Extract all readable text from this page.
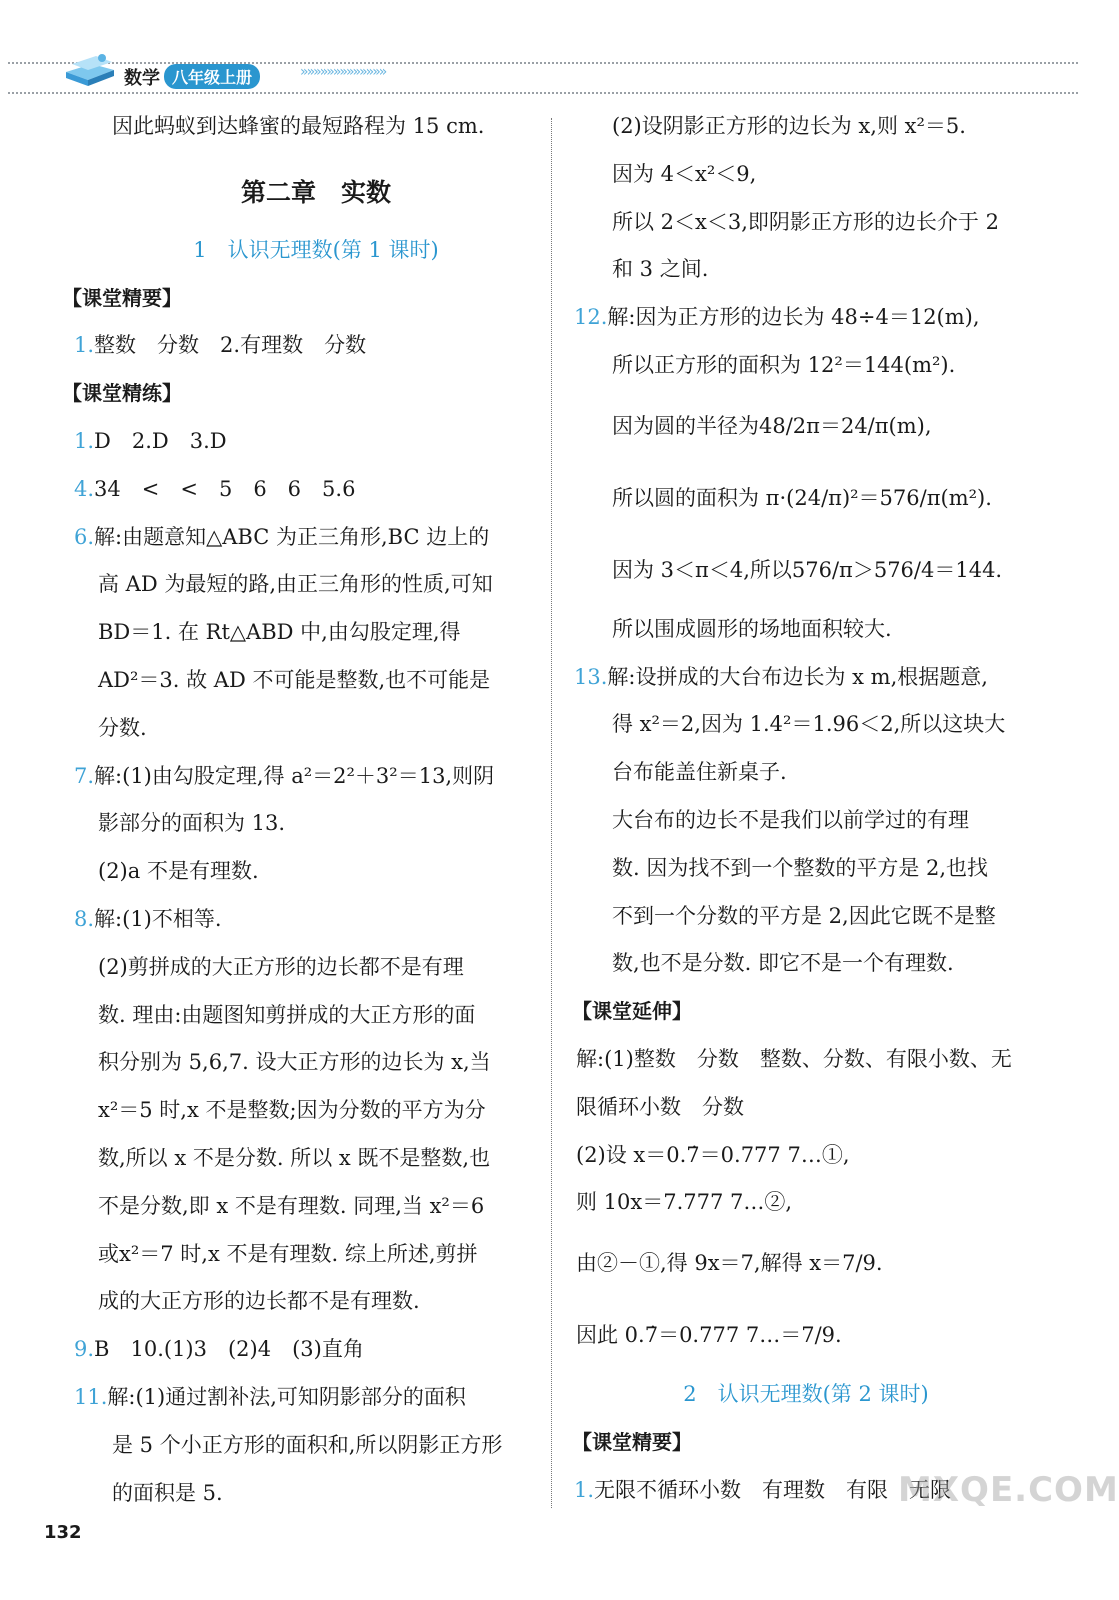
数学 八年级上册	»»»»»»»»»»»»»
因此蚂蚁到达蜂蜜的最短路程为 15 cm.
第二章　实数
1　认识无理数(第 1 课时)
【课堂精要】
1.整数　分数　2.有理数　分数
【课堂精练】
1.D　2.D　3.D
4.34　<　<　5　6　6　5.6
6.解:由题意知△ABC 为正三角形,BC 边上的
高 AD 为最短的路,由正三角形的性质,可知
BD＝1. 在 Rt△ABD 中,由勾股定理,得
AD²＝3. 故 AD 不可能是整数,也不可能是
分数.
7.解:(1)由勾股定理,得 a²＝2²＋3²＝13,则阴
影部分的面积为 13.
(2)a 不是有理数.
8.解:(1)不相等.
(2)剪拼成的大正方形的边长都不是有理
数. 理由:由题图知剪拼成的大正方形的面
积分别为 5,6,7. 设大正方形的边长为 x,当
x²＝5 时,x 不是整数;因为分数的平方为分
数,所以 x 不是分数. 所以 x 既不是整数,也
不是分数,即 x 不是有理数. 同理,当 x²＝6
或x²＝7 时,x 不是有理数. 综上所述,剪拼
成的大正方形的边长都不是有理数.
9.B　10.(1)3　(2)4　(3)直角
11.解:(1)通过割补法,可知阴影部分的面积
是 5 个小正方形的面积和,所以阴影正方形
的面积是 5.
(2)设阴影正方形的边长为 x,则 x²＝5.
因为 4＜x²＜9,
所以 2＜x＜3,即阴影正方形的边长介于 2
和 3 之间.
12.解:因为正方形的边长为 48÷4＝12(m),
所以正方形的面积为 12²＝144(m²).
因为圆的半径为48/2π＝24/π(m),
所以圆的面积为 π·(24/π)²＝576/π(m²).
因为 3＜π＜4,所以576/π＞576/4＝144.
所以围成圆形的场地面积较大.
13.解:设拼成的大台布边长为 x m,根据题意,
得 x²＝2,因为 1.4²＝1.96＜2,所以这块大
台布能盖住新桌子.
大台布的边长不是我们以前学过的有理
数. 因为找不到一个整数的平方是 2,也找
不到一个分数的平方是 2,因此它既不是整
数,也不是分数. 即它不是一个有理数.
【课堂延伸】
解:(1)整数　分数　整数、分数、有限小数、无
限循环小数　分数
(2)设 x＝0.7̇＝0.777 7…①,
则 10x＝7.777 7…②,
由②－①,得 9x＝7,解得 x＝7/9.
因此 0.7̇＝0.777 7…＝7/9.
2　认识无理数(第 2 课时)
【课堂精要】
1.无限不循环小数　有理数　有限　无限
132
MXQE.COM
